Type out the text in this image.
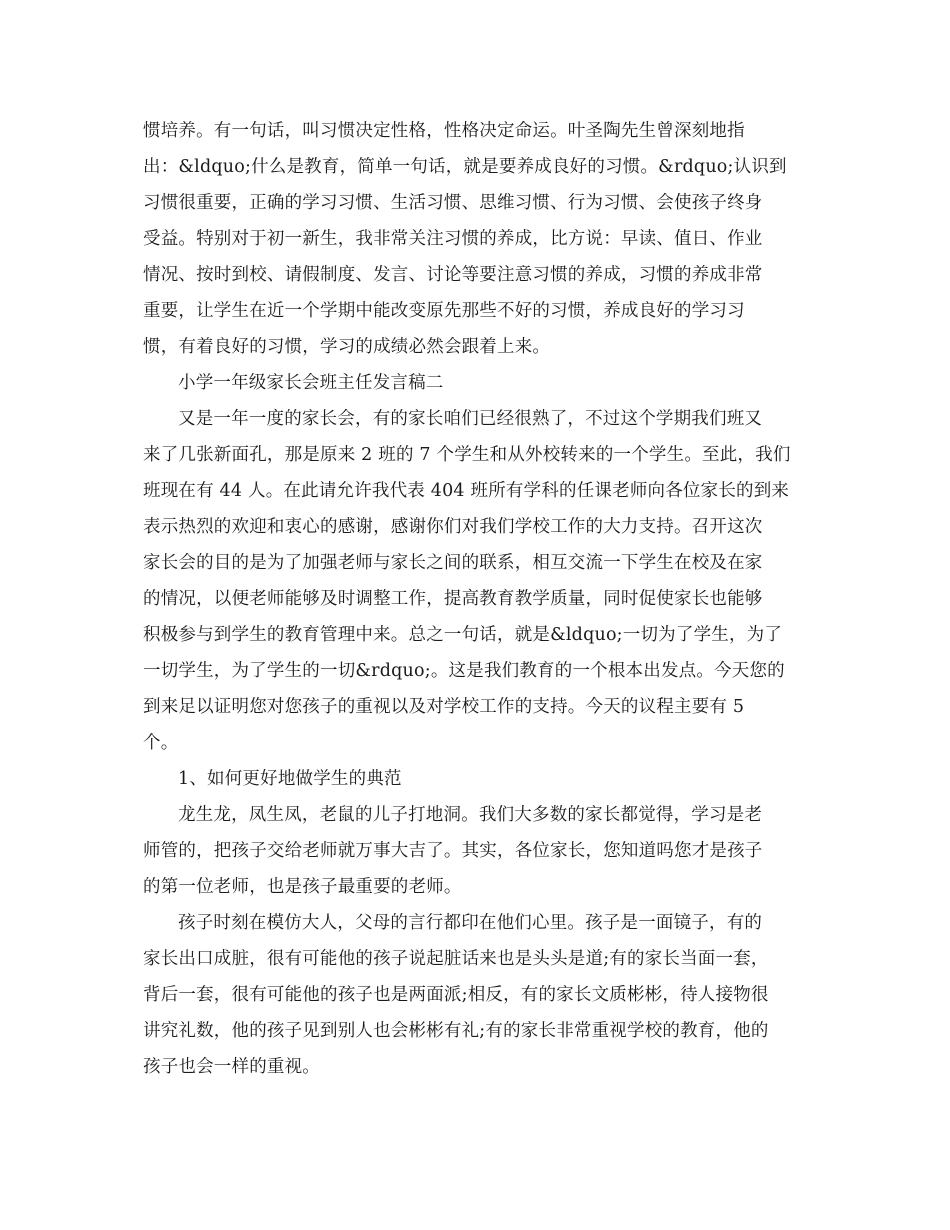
惯培养。有一句话，叫习惯决定性格，性格决定命运。叶圣陶先生曾深刻地指
出：&ldquo;什么是教育，简单一句话，就是要养成良好的习惯。&rdquo;认识到
习惯很重要，正确的学习习惯、生活习惯、思维习惯、行为习惯、会使孩子终身
受益。特别对于初一新生，我非常关注习惯的养成，比方说：早读、值日、作业
情况、按时到校、请假制度、发言、讨论等要注意习惯的养成，习惯的养成非常
重要，让学生在近一个学期中能改变原先那些不好的习惯，养成良好的学习习
惯，有着良好的习惯，学习的成绩必然会跟着上来。
小学一年级家长会班主任发言稿二
又是一年一度的家长会，有的家长咱们已经很熟了，不过这个学期我们班又
来了几张新面孔，那是原来 2 班的 7 个学生和从外校转来的一个学生。至此，我们
班现在有 44 人。在此请允许我代表 404 班所有学科的任课老师向各位家长的到来
表示热烈的欢迎和衷心的感谢，感谢你们对我们学校工作的大力支持。召开这次
家长会的目的是为了加强老师与家长之间的联系，相互交流一下学生在校及在家
的情况，以便老师能够及时调整工作，提高教育教学质量，同时促使家长也能够
积极参与到学生的教育管理中来。总之一句话，就是&ldquo;一切为了学生，为了
一切学生，为了学生的一切&rdquo;。这是我们教育的一个根本出发点。今天您的
到来足以证明您对您孩子的重视以及对学校工作的支持。今天的议程主要有 5
个。
1、如何更好地做学生的典范
龙生龙，凤生凤，老鼠的儿子打地洞。我们大多数的家长都觉得，学习是老
师管的，把孩子交给老师就万事大吉了。其实，各位家长，您知道吗您才是孩子
的第一位老师，也是孩子最重要的老师。
孩子时刻在模仿大人，父母的言行都印在他们心里。孩子是一面镜子，有的
家长出口成脏，很有可能他的孩子说起脏话来也是头头是道;有的家长当面一套，
背后一套，很有可能他的孩子也是两面派;相反，有的家长文质彬彬，待人接物很
讲究礼数，他的孩子见到别人也会彬彬有礼;有的家长非常重视学校的教育，他的
孩子也会一样的重视。
